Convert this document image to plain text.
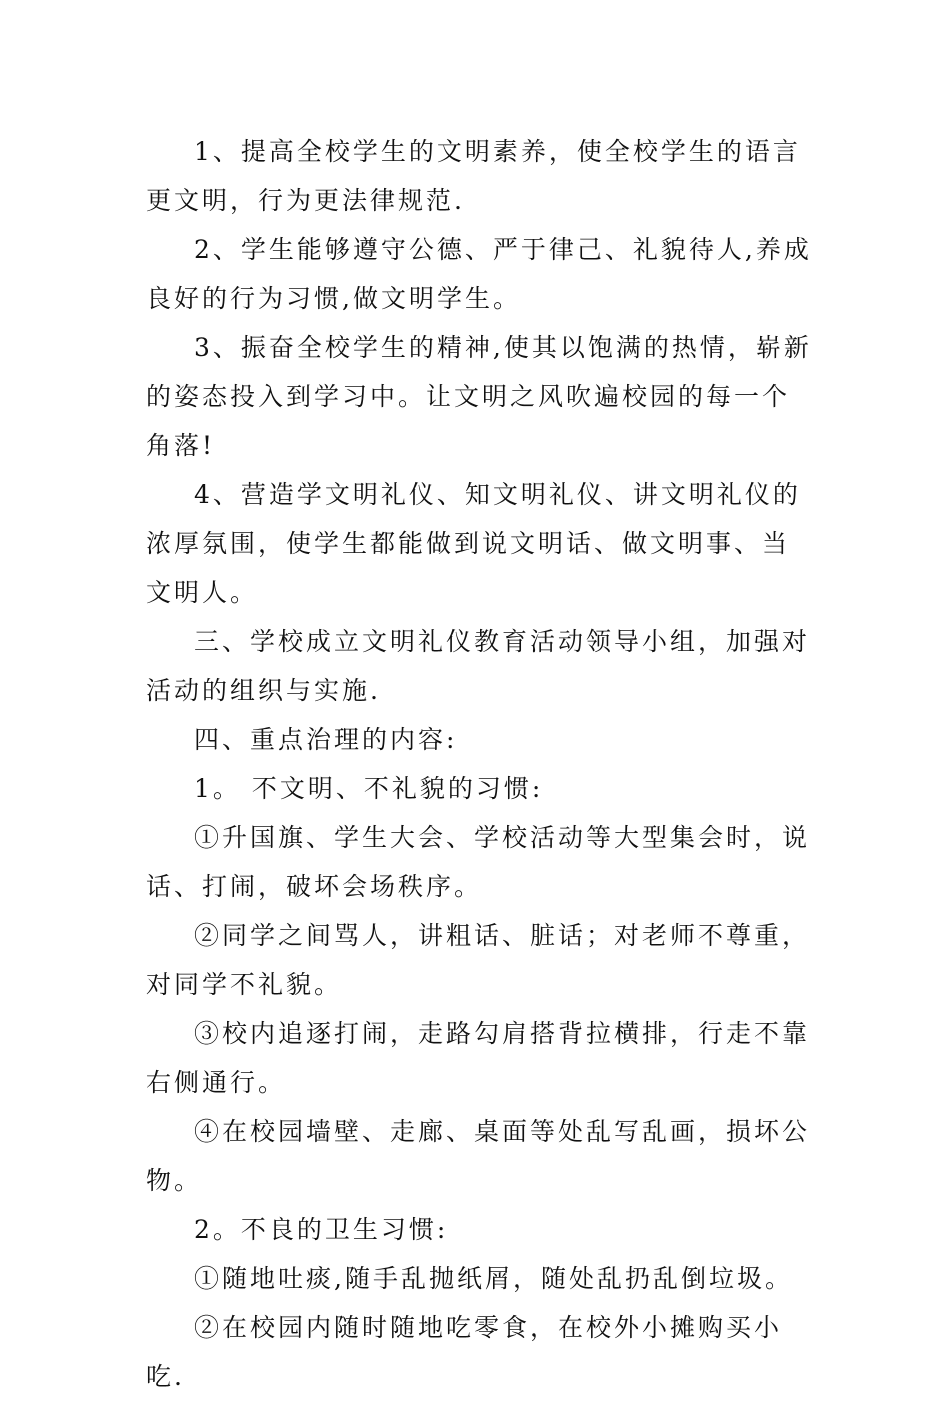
1、提高全校学生的文明素养，使全校学生的语言更文明，行为更法律规范.

2、学生能够遵守公德、严于律己、礼貌待人,养成良好的行为习惯,做文明学生。

3、振奋全校学生的精神,使其以饱满的热情，崭新的姿态投入到学习中。让文明之风吹遍校园的每一个角落!

4、营造学文明礼仪、知文明礼仪、讲文明礼仪的浓厚氛围，使学生都能做到说文明话、做文明事、当文明人。

三、学校成立文明礼仪教育活动领导小组，加强对活动的组织与实施.

四、重点治理的内容:

1。 不文明、不礼貌的习惯:

①升国旗、学生大会、学校活动等大型集会时，说话、打闹，破坏会场秩序。

②同学之间骂人，讲粗话、脏话；对老师不尊重，对同学不礼貌。

③校内追逐打闹，走路勾肩搭背拉横排，行走不靠右侧通行。

④在校园墙壁、走廊、桌面等处乱写乱画，损坏公物。

2。不良的卫生习惯:

①随地吐痰,随手乱抛纸屑，随处乱扔乱倒垃圾。

②在校园内随时随地吃零食，在校外小摊购买小吃.
